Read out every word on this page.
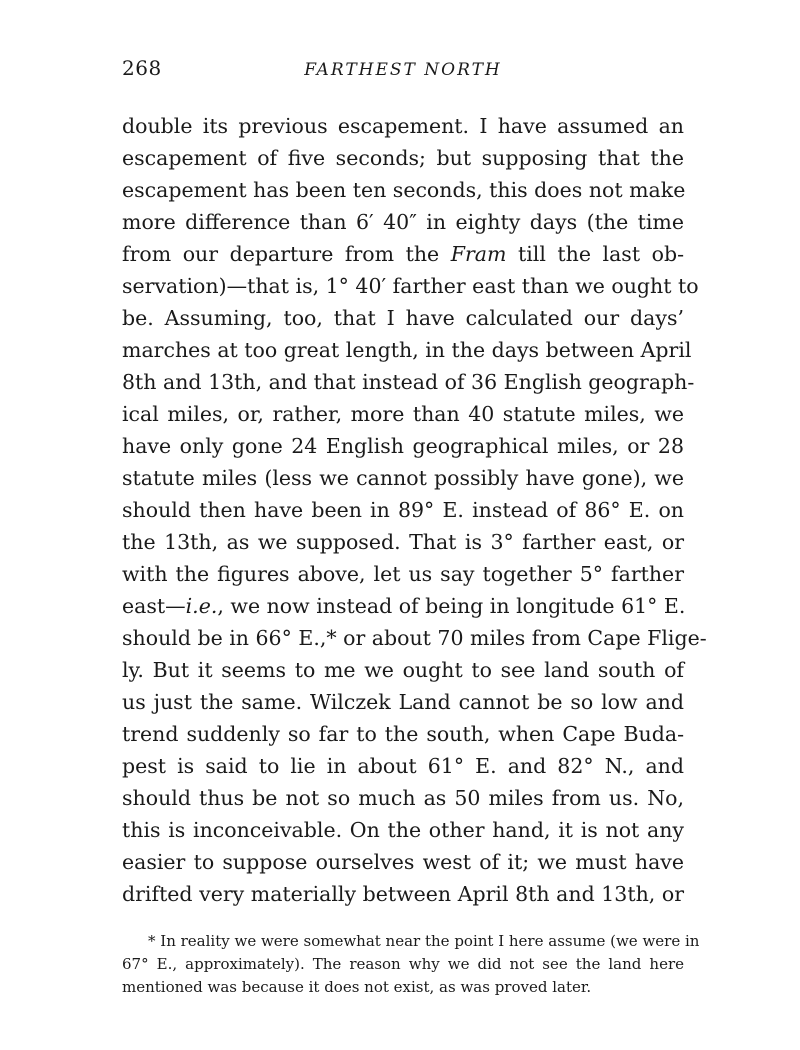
268	FARTHEST NORTH
double its previous escapement. I have assumed an
escapement of five seconds; but supposing that the
escapement has been ten seconds, this does not make
more difference than 6′ 40″ in eighty days (the time
from our departure from the Fram till the last ob-
servation)—that is, 1° 40′ farther east than we ought to
be. Assuming, too, that I have calculated our days’
marches at too great length, in the days between April
8th and 13th, and that instead of 36 English geograph-
ical miles, or, rather, more than 40 statute miles, we
have only gone 24 English geographical miles, or 28
statute miles (less we cannot possibly have gone), we
should then have been in 89° E. instead of 86° E. on
the 13th, as we supposed. That is 3° farther east, or
with the figures above, let us say together 5° farther
east—i.e., we now instead of being in longitude 61° E.
should be in 66° E.,* or about 70 miles from Cape Flige-
ly. But it seems to me we ought to see land south of
us just the same. Wilczek Land cannot be so low and
trend suddenly so far to the south, when Cape Buda-
pest is said to lie in about 61° E. and 82° N., and
should thus be not so much as 50 miles from us. No,
this is inconceivable. On the other hand, it is not any
easier to suppose ourselves west of it; we must have
drifted very materially between April 8th and 13th, or
* In reality we were somewhat near the point I here assume (we were in
67° E., approximately). The reason why we did not see the land here
mentioned was because it does not exist, as was proved later.
